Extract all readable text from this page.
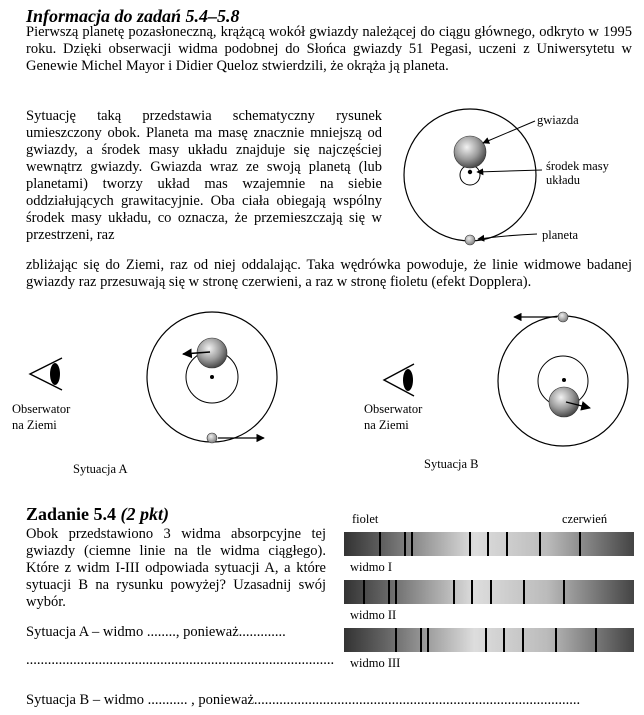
Informacja do zadań 5.4–5.8
Pierwszą planetę pozasłoneczną, krążącą wokół gwiazdy należącej do ciągu głównego, odkryto w 1995 roku. Dzięki obserwacji widma podobnej do Słońca gwiazdy 51 Pegasi, uczeni z Uniwersytetu w Genewie Michel Mayor i Didier Queloz stwierdzili, że okrąża ją planeta.
Sytuację taką przedstawia schematyczny rysunek umieszczony obok. Planeta ma masę znacznie mniejszą od gwiazdy, a środek masy układu znajduje się najczęściej wewnątrz gwiazdy. Gwiazda wraz ze swoją planetą (lub planetami) tworzy układ mas wzajemnie na siebie oddziałujących grawitacyjnie. Oba ciała obiegają wspólny środek masy układu, co oznacza, że przemieszczają się w przestrzeni, raz
zbliżając się do Ziemi, raz od niej oddalając. Taka wędrówka powoduje, że linie widmowe badanej gwiazdy raz przesuwają się w stronę czerwieni, a raz w stronę fioletu (efekt Dopplera).
gwiazda
środek masy
układu
planeta
Obserwator
na Ziemi
Obserwator
na Ziemi
Sytuacja A	Sytuacja B
Zadanie 5.4 (2 pkt)
Obok przedstawiono 3 widma absorpcyjne tej gwiazdy (ciemne linie na tle widma ciągłego). Które z widm I-III odpowiada sytuacji A, a które sytuacji B na rysunku powyżej? Uzasadnij swój wybór.
fiolet	czerwień
widmo I
widmo II
widmo III
Sytuacja A – widmo ........, ponieważ.............
.....................................................................................
Sytuacja B – widmo ........... , ponieważ..........................................................................................
